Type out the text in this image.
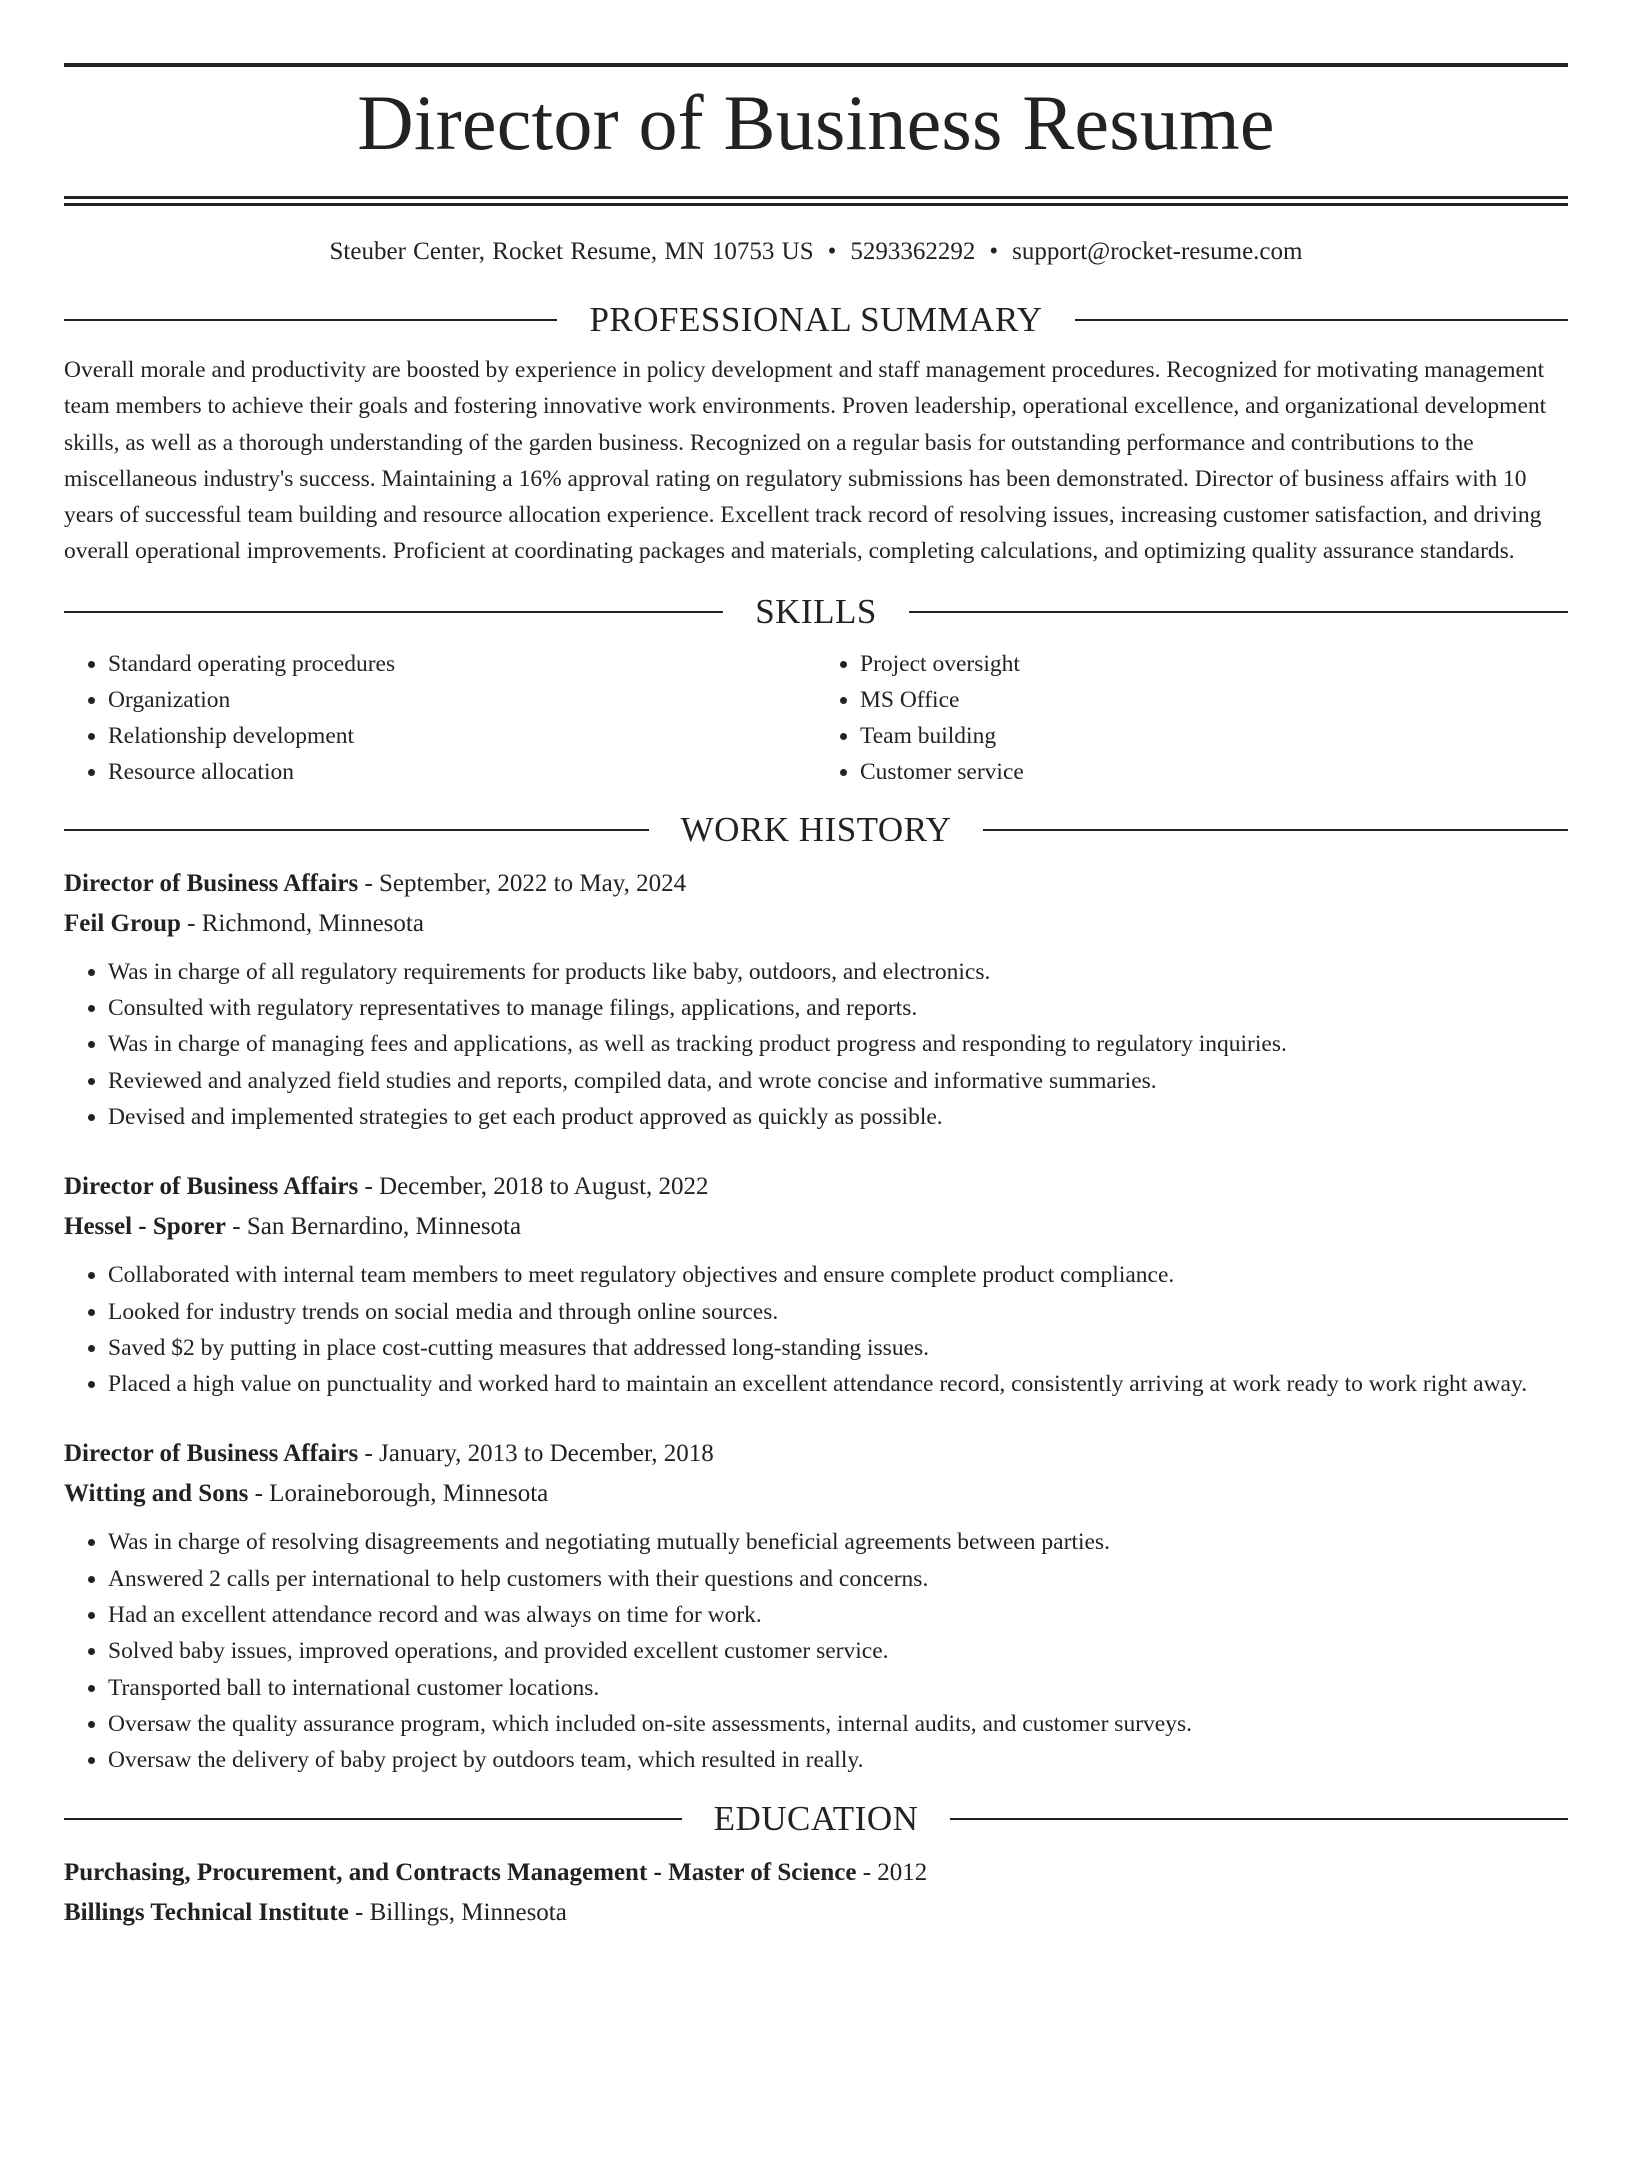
Director of Business Resume
Steuber Center, Rocket Resume, MN 10753 US • 5293362292 • support@rocket-resume.com
PROFESSIONAL SUMMARY
Overall morale and productivity are boosted by experience in policy development and staff management procedures. Recognized for motivating management team members to achieve their goals and fostering innovative work environments. Proven leadership, operational excellence, and organizational development skills, as well as a thorough understanding of the garden business. Recognized on a regular basis for outstanding performance and contributions to the miscellaneous industry's success. Maintaining a 16% approval rating on regulatory submissions has been demonstrated. Director of business affairs with 10 years of successful team building and resource allocation experience. Excellent track record of resolving issues, increasing customer satisfaction, and driving overall operational improvements. Proficient at coordinating packages and materials, completing calculations, and optimizing quality assurance standards.
SKILLS
• Standard operating procedures
• Organization
• Relationship development
• Resource allocation
• Project oversight
• MS Office
• Team building
• Customer service
WORK HISTORY
Director of Business Affairs - September, 2022 to May, 2024
Feil Group - Richmond, Minnesota
• Was in charge of all regulatory requirements for products like baby, outdoors, and electronics.
• Consulted with regulatory representatives to manage filings, applications, and reports.
• Was in charge of managing fees and applications, as well as tracking product progress and responding to regulatory inquiries.
• Reviewed and analyzed field studies and reports, compiled data, and wrote concise and informative summaries.
• Devised and implemented strategies to get each product approved as quickly as possible.
Director of Business Affairs - December, 2018 to August, 2022
Hessel - Sporer - San Bernardino, Minnesota
• Collaborated with internal team members to meet regulatory objectives and ensure complete product compliance.
• Looked for industry trends on social media and through online sources.
• Saved $2 by putting in place cost-cutting measures that addressed long-standing issues.
• Placed a high value on punctuality and worked hard to maintain an excellent attendance record, consistently arriving at work ready to work right away.
Director of Business Affairs - January, 2013 to December, 2018
Witting and Sons - Loraineborough, Minnesota
• Was in charge of resolving disagreements and negotiating mutually beneficial agreements between parties.
• Answered 2 calls per international to help customers with their questions and concerns.
• Had an excellent attendance record and was always on time for work.
• Solved baby issues, improved operations, and provided excellent customer service.
• Transported ball to international customer locations.
• Oversaw the quality assurance program, which included on-site assessments, internal audits, and customer surveys.
• Oversaw the delivery of baby project by outdoors team, which resulted in really.
EDUCATION
Purchasing, Procurement, and Contracts Management - Master of Science - 2012
Billings Technical Institute - Billings, Minnesota
